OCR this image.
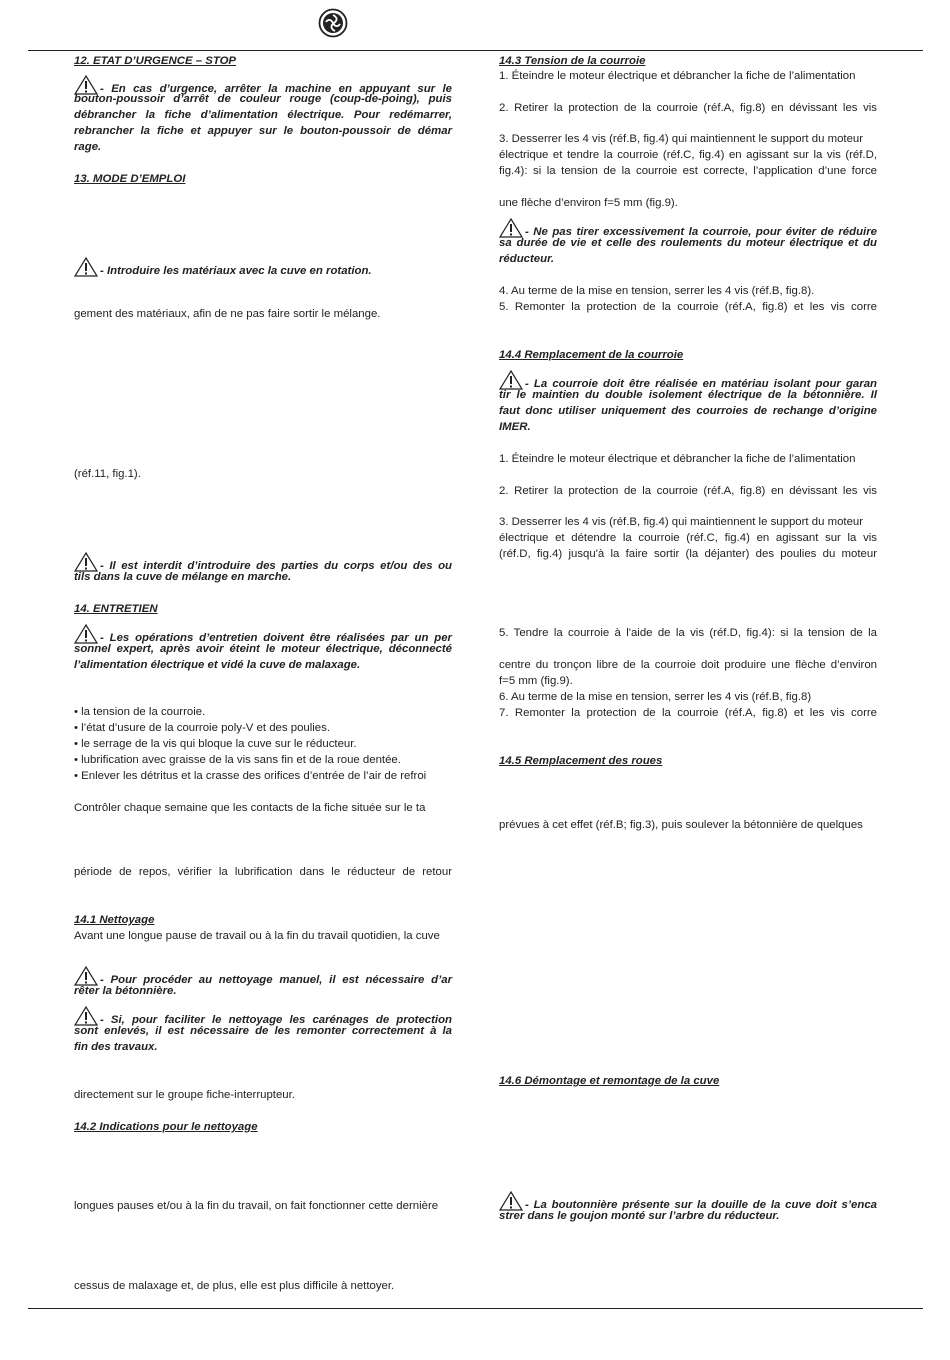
12. ETAT D’URGENCE – STOP
- En cas d’urgence, arrêter la machine en appuyant sur le
bouton-poussoir d’arrêt de couleur rouge (coup-de-poing), puis
débrancher la fiche d’alimentation électrique. Pour redémarrer,
rebrancher la fiche et appuyer sur le bouton-poussoir de démar
rage.
13. MODE D’EMPLOI
- Introduire les matériaux avec la cuve en rotation.
gement des matériaux, afin de ne pas faire sortir le mélange.
(réf.11, fig.1).
- Il est interdit d’introduire des parties du corps et/ou des ou
tils dans la cuve de mélange en marche.
14. ENTRETIEN
- Les opérations d’entretien doivent être réalisées par un per
sonnel expert, après avoir éteint le moteur électrique, déconnecté
l’alimentation électrique et vidé la cuve de malaxage.
• la tension de la courroie.
• l’état d’usure de la courroie poly-V et des poulies.
• le serrage de la vis qui bloque la cuve sur le réducteur.
• lubrification avec graisse de la vis sans fin et de la roue dentée.
• Enlever les détritus et la crasse des orifices d’entrée de l’air de refroi
Contrôler chaque semaine que les contacts de la fiche située sur le ta
période de repos, vérifier la lubrification dans le réducteur de retour
14.1 Nettoyage
Avant une longue pause de travail ou à la fin du travail quotidien, la cuve
- Pour procéder au nettoyage manuel, il est nécessaire d’ar
rêter la bétonnière.
- Si, pour faciliter le nettoyage les carénages de protection
sont enlevés, il est nécessaire de les remonter correctement à la
fin des travaux.
directement sur le groupe fiche-interrupteur.
14.2 Indications pour le nettoyage
longues pauses et/ou à la fin du travail, on fait fonctionner cette dernière
cessus de malaxage et, de plus, elle est plus difficile à nettoyer.
14.3 Tension de la courroie
1. Éteindre le moteur électrique et débrancher la fiche de l’alimentation
2. Retirer la protection de la courroie (réf.A, fig.8) en dévissant les vis
3. Desserrer les 4 vis (réf.B, fig.4) qui maintiennent le support du moteur
électrique et tendre la courroie (réf.C, fig.4) en agissant sur la vis (réf.D,
fig.4): si la tension de la courroie est correcte, l’application d’une force
une flèche d’environ f=5 mm (fig.9).
- Ne pas tirer excessivement la courroie, pour éviter de réduire
sa durée de vie et celle des roulements du moteur électrique et du
réducteur.
4. Au terme de la mise en tension, serrer les 4 vis (réf.B, fig.8).
5. Remonter la protection de la courroie (réf.A, fig.8) et les vis corre
14.4 Remplacement de la courroie
- La courroie doit être réalisée en matériau isolant pour garan
tir le maintien du double isolement électrique de la bétonnière. Il
faut donc utiliser uniquement des courroies de rechange d’origine
IMER.
1. Éteindre le moteur électrique et débrancher la fiche de l’alimentation
2. Retirer la protection de la courroie (réf.A, fig.8) en dévissant les vis
3. Desserrer les 4 vis (réf.B, fig.4) qui maintiennent le support du moteur
électrique et détendre la courroie (réf.C, fig.4) en agissant sur la vis
(réf.D, fig.4) jusqu'à la faire sortir (la déjanter) des poulies du moteur
5. Tendre la courroie à l'aide de la vis (réf.D, fig.4): si la tension de la
centre du tronçon libre de la courroie doit produire une flèche d’environ
f=5 mm (fig.9).
6. Au terme de la mise en tension, serrer les 4 vis (réf.B, fig.8)
7. Remonter la protection de la courroie (réf.A, fig.8) et les vis corre
14.5 Remplacement des roues
prévues à cet effet (réf.B; fig.3), puis soulever la bétonnière de quelques
14.6 Démontage et remontage de la cuve
- La boutonnière présente sur la douille de la cuve doit s’enca
strer dans le goujon monté sur l’arbre du réducteur.
